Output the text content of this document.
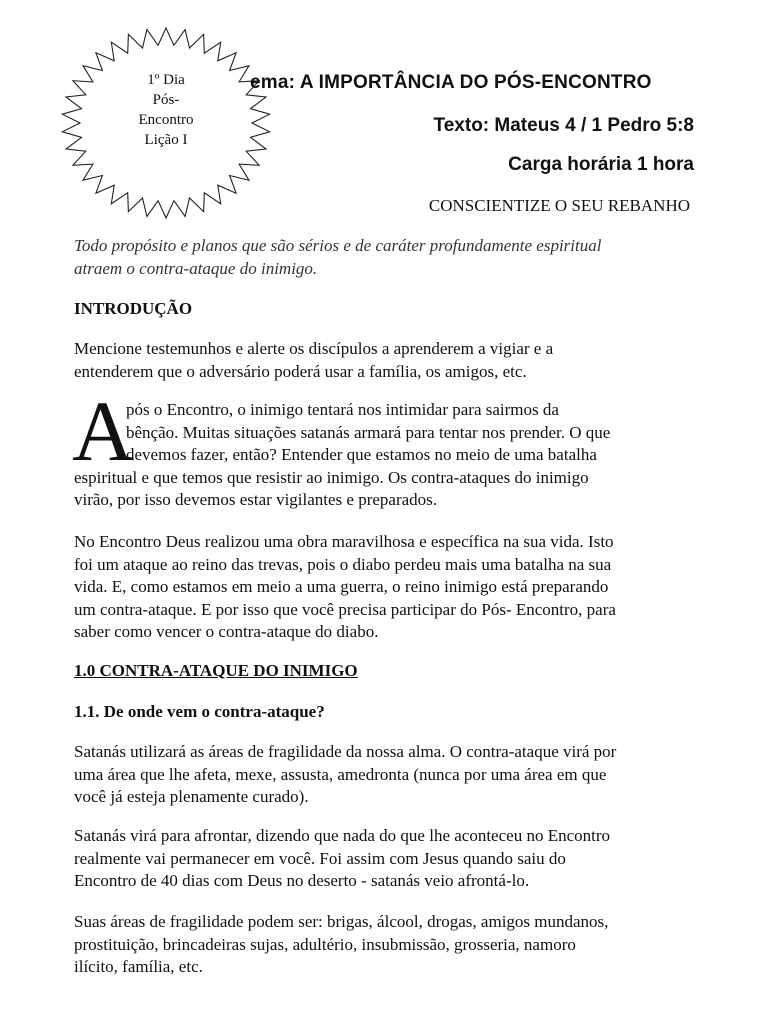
1º Dia
Pós-
Encontro
Lição I
ema: A IMPORTÂNCIA DO PÓS-ENCONTRO
Texto: Mateus 4 / 1 Pedro 5:8
Carga horária 1 hora
CONSCIENTIZE O SEU REBANHO
Todo propósito e planos que são sérios e de caráter profundamente espiritual
atraem o contra-ataque do inimigo.
INTRODUÇÃO
Mencione testemunhos e alerte os discípulos a aprenderem a vigiar e a
entenderem que o adversário poderá usar a família, os amigos, etc.
A
pós o Encontro, o inimigo tentará nos intimidar para sairmos da
bênção. Muitas situações satanás armará para tentar nos prender. O que
devemos fazer, então? Entender que estamos no meio de uma batalha
espiritual e que temos que resistir ao inimigo. Os contra-ataques do inimigo
virão, por isso devemos estar vigilantes e preparados.
No Encontro Deus realizou uma obra maravilhosa e específica na sua vida. Isto
foi um ataque ao reino das trevas, pois o diabo perdeu mais uma batalha na sua
vida. E, como estamos em meio a uma guerra, o reino inimigo está preparando
um contra-ataque. E por isso que você precisa participar do Pós- Encontro, para
saber como vencer o contra-ataque do diabo.
1.0 CONTRA-ATAQUE DO INIMIGO
1.1. De onde vem o contra-ataque?
Satanás utilizará as áreas de fragilidade da nossa alma. O contra-ataque virá por
uma área que lhe afeta, mexe, assusta, amedronta (nunca por uma área em que
você já esteja plenamente curado).
Satanás virá para afrontar, dizendo que nada do que lhe aconteceu no Encontro
realmente vai permanecer em você. Foi assim com Jesus quando saiu do
Encontro de 40 dias com Deus no deserto - satanás veio afrontá-lo.
Suas áreas de fragilidade podem ser: brigas, álcool, drogas, amigos mundanos,
prostituição, brincadeiras sujas, adultério, insubmissão, grosseria, namoro
ilícito, família, etc.
